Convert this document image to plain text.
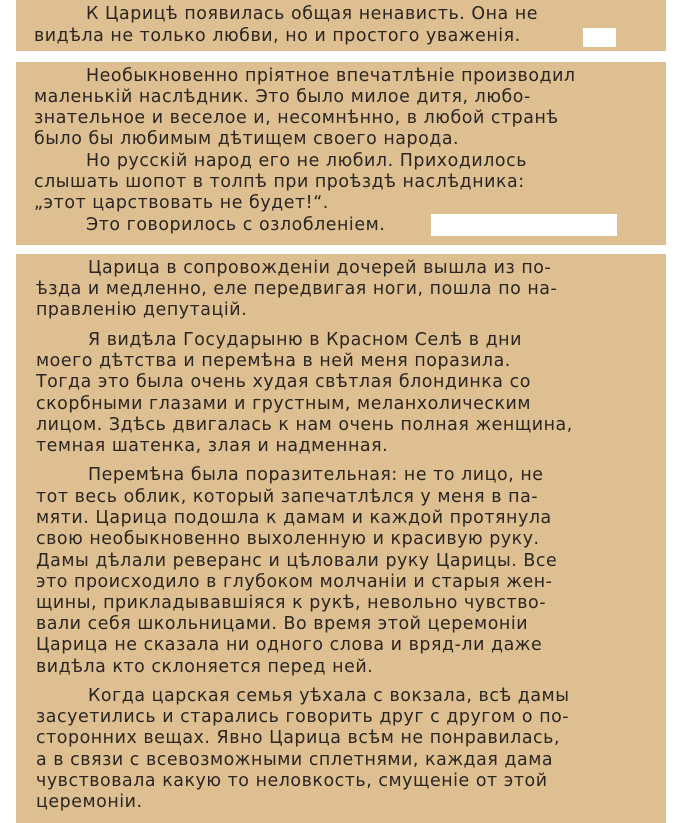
К Царицѣ появилась общая ненависть. Она не
видѣла не только любви, но и простого уваженія.
Необыкновенно пріятное впечатлѣніе производил
маленькій наслѣдник. Это было милое дитя, любо-
знательное и веселое и, несомнѣнно, в любой странѣ
было бы любимым дѣтищем своего народа.
Но русскій народ его не любил. Приходилось
слышать шопот в толпѣ при проѣздѣ наслѣдника:
„этот царствовать не будет!“.
Это говорилось с озлобленіем.
Царица в сопровожденіи дочерей вышла из по-
ѣзда и медленно, еле передвигая ноги, пошла по на-
правленію депутацій.
Я видѣла Государыню в Красном Селѣ в дни
моего дѣтства и перемѣна в ней меня поразила.
Тогда это была очень худая свѣтлая блондинка со
скорбными глазами и грустным, меланхолическим
лицом. Здѣсь двигалась к нам очень полная женщина,
темная шатенка, злая и надменная.
Перемѣна была поразительная: не то лицо, не
тот весь облик, который запечатлѣлся у меня в па-
мяти. Царица подошла к дамам и каждой протянула
свою необыкновенно выхоленную и красивую руку.
Дамы дѣлали реверанс и цѣловали руку Царицы. Все
это происходило в глубоком молчаніи и старыя жен-
щины, прикладывавшіяся к рукѣ, невольно чувство-
вали себя школьницами. Во время этой церемоніи
Царица не сказала ни одного слова и вряд-ли даже
видѣла кто склоняется перед ней.
Когда царская семья уѣхала с вокзала, всѣ дамы
засуетились и старались говорить друг с другом о по-
сторонних вещах. Явно Царица всѣм не понравилась,
а в связи с всевозможными сплетнями, каждая дама
чувствовала какую то неловкость, смущеніе от этой
церемоніи.
